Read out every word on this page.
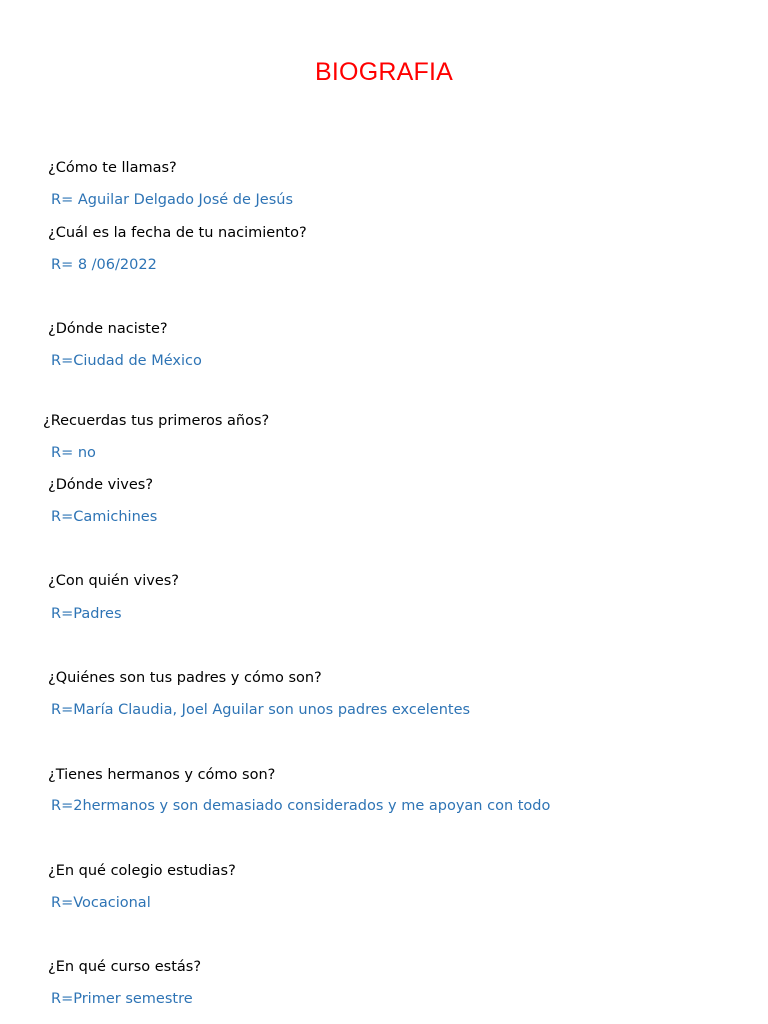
BIOGRAFIA
¿Cómo te llamas?
R= Aguilar Delgado José de Jesús
¿Cuál es la fecha de tu nacimiento?
R= 8 /06/2022
¿Dónde naciste?
R=Ciudad de México
¿Recuerdas tus primeros años?
R= no
¿Dónde vives?
R=Camichines
¿Con quién vives?
R=Padres
¿Quiénes son tus padres y cómo son?
R=María Claudia, Joel Aguilar son unos padres excelentes
¿Tienes hermanos y cómo son?
R=2hermanos y son demasiado considerados y me apoyan con todo
¿En qué colegio estudias?
R=Vocacional
¿En qué curso estás?
R=Primer semestre
